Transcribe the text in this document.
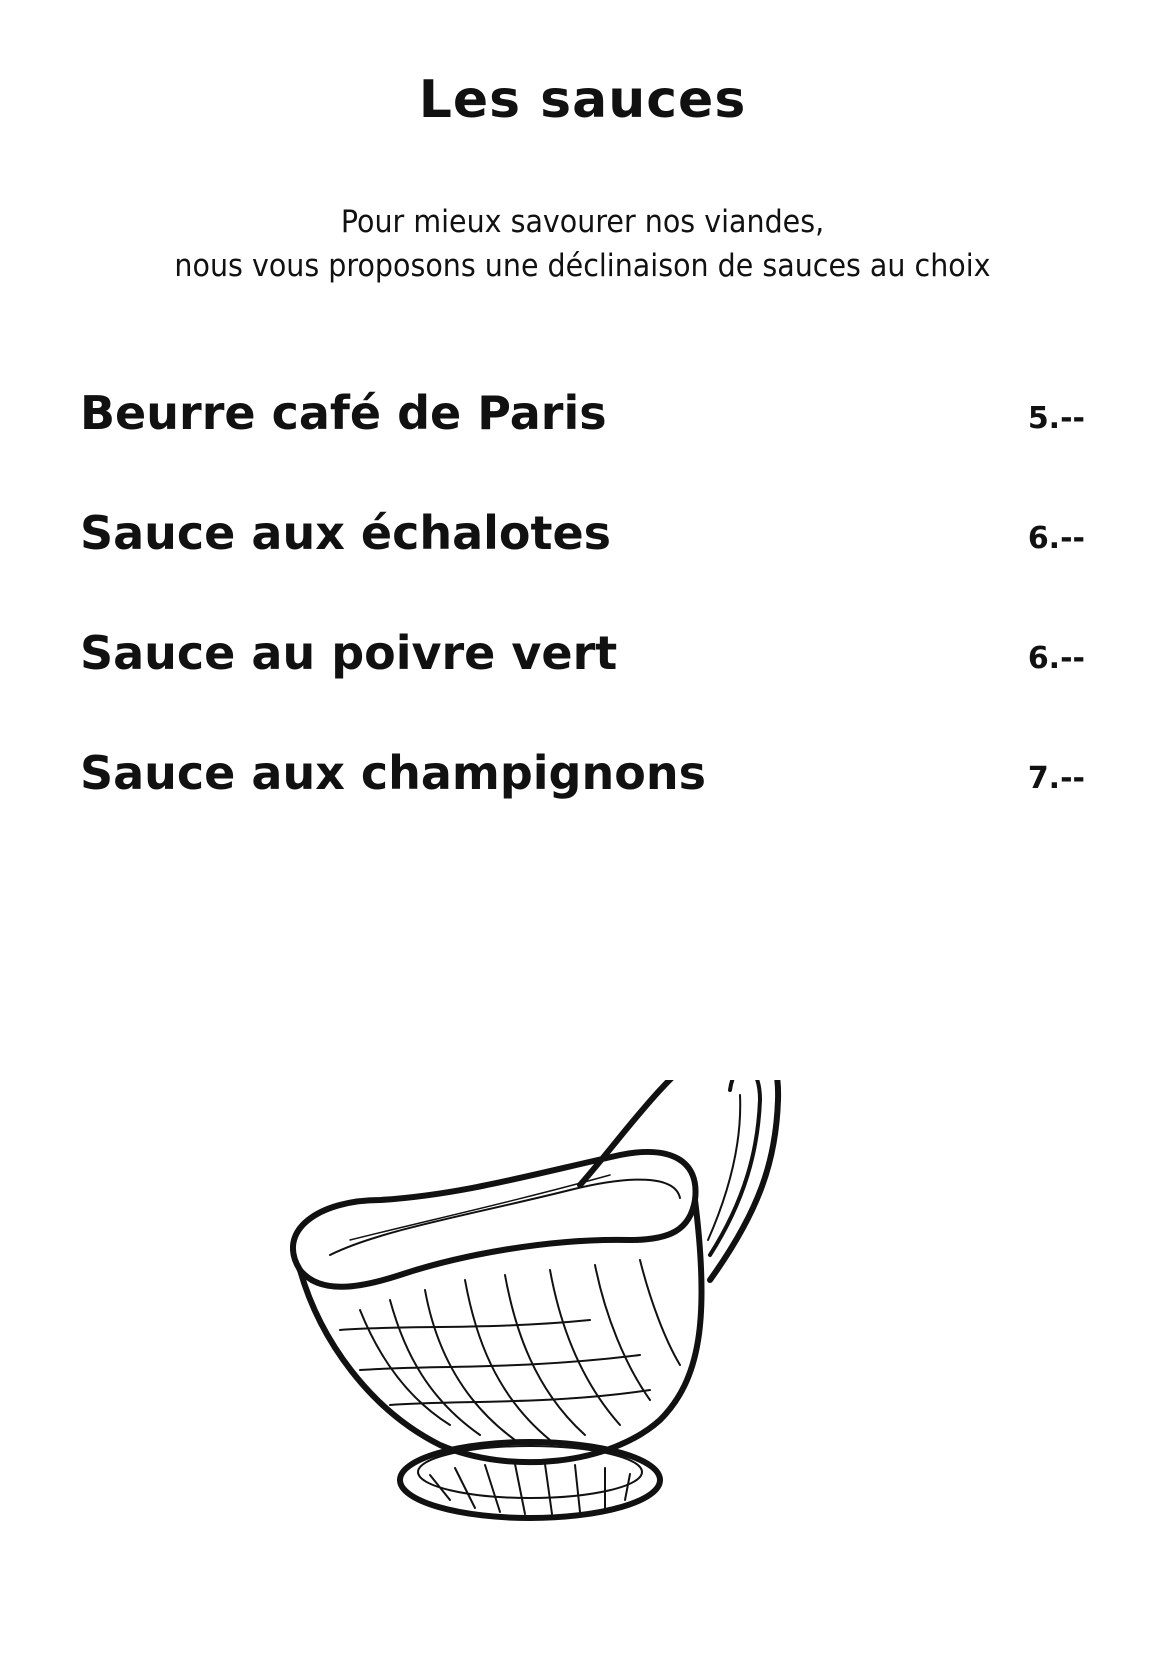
Les sauces
Pour mieux savourer nos viandes,
nous vous proposons une déclinaison de sauces au choix
Beurre café de Paris	5.--
Sauce aux échalotes	6.--
Sauce au poivre vert	6.--
Sauce aux champignons	7.--
